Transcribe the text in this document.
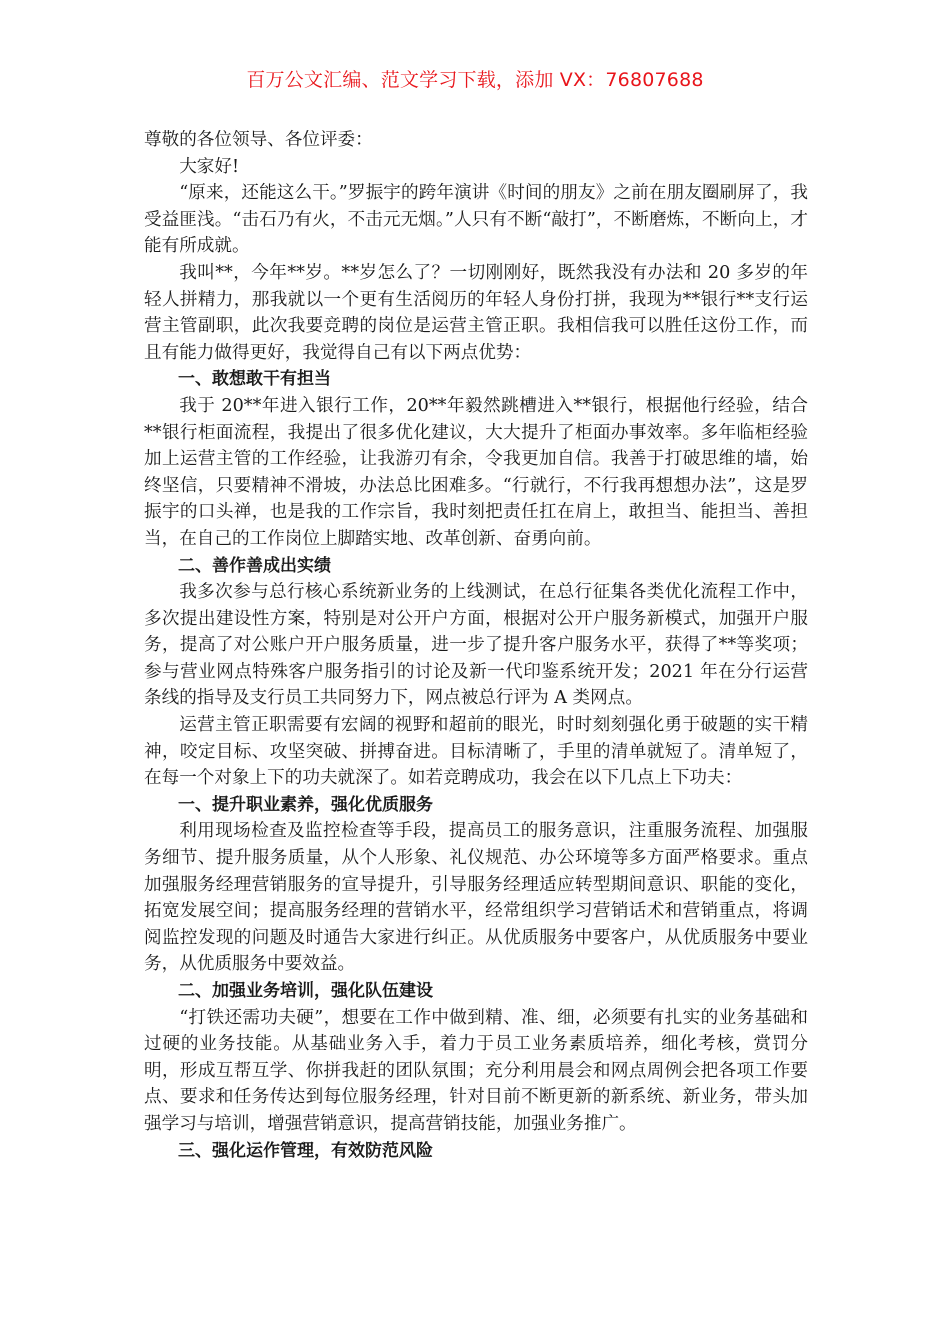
百万公文汇编、范文学习下载，添加 VX：76807688

尊敬的各位领导、各位评委：

大家好!

“原来，还能这么干。”罗振宇的跨年演讲《时间的朋友》之前在朋友圈刷屏了，我受益匪浅。“击石乃有火，不击元无烟。”人只有不断“敲打”，不断磨炼，不断向上，才能有所成就。

我叫**，今年**岁。**岁怎么了？一切刚刚好，既然我没有办法和 20 多岁的年轻人拼精力，那我就以一个更有生活阅历的年轻人身份打拼，我现为**银行**支行运营主管副职，此次我要竞聘的岗位是运营主管正职。我相信我可以胜任这份工作，而且有能力做得更好，我觉得自己有以下两点优势：

一、敢想敢干有担当

我于 20**年进入银行工作，20**年毅然跳槽进入**银行，根据他行经验，结合**银行柜面流程，我提出了很多优化建议，大大提升了柜面办事效率。多年临柜经验加上运营主管的工作经验，让我游刃有余，令我更加自信。我善于打破思维的墙，始终坚信，只要精神不滑坡，办法总比困难多。“行就行，不行我再想想办法”，这是罗振宇的口头禅，也是我的工作宗旨，我时刻把责任扛在肩上，敢担当、能担当、善担当，在自己的工作岗位上脚踏实地、改革创新、奋勇向前。

二、善作善成出实绩

我多次参与总行核心系统新业务的上线测试，在总行征集各类优化流程工作中，多次提出建设性方案，特别是对公开户方面，根据对公开户服务新模式，加强开户服务，提高了对公账户开户服务质量，进一步了提升客户服务水平，获得了**等奖项；参与营业网点特殊客户服务指引的讨论及新一代印鉴系统开发；2021 年在分行运营条线的指导及支行员工共同努力下，网点被总行评为 A 类网点。

运营主管正职需要有宏阔的视野和超前的眼光，时时刻刻强化勇于破题的实干精神，咬定目标、攻坚突破、拼搏奋进。目标清晰了，手里的清单就短了。清单短了，在每一个对象上下的功夫就深了。如若竞聘成功，我会在以下几点上下功夫：

一、提升职业素养，强化优质服务

利用现场检查及监控检查等手段，提高员工的服务意识，注重服务流程、加强服务细节、提升服务质量，从个人形象、礼仪规范、办公环境等多方面严格要求。重点加强服务经理营销服务的宣导提升，引导服务经理适应转型期间意识、职能的变化，拓宽发展空间；提高服务经理的营销水平，经常组织学习营销话术和营销重点，将调阅监控发现的问题及时通告大家进行纠正。从优质服务中要客户，从优质服务中要业务，从优质服务中要效益。

二、加强业务培训，强化队伍建设

“打铁还需功夫硬”，想要在工作中做到精、准、细，必须要有扎实的业务基础和过硬的业务技能。从基础业务入手，着力于员工业务素质培养，细化考核，赏罚分明，形成互帮互学、你拼我赶的团队氛围；充分利用晨会和网点周例会把各项工作要点、要求和任务传达到每位服务经理，针对目前不断更新的新系统、新业务，带头加强学习与培训，增强营销意识，提高营销技能，加强业务推广。

三、强化运作管理，有效防范风险
